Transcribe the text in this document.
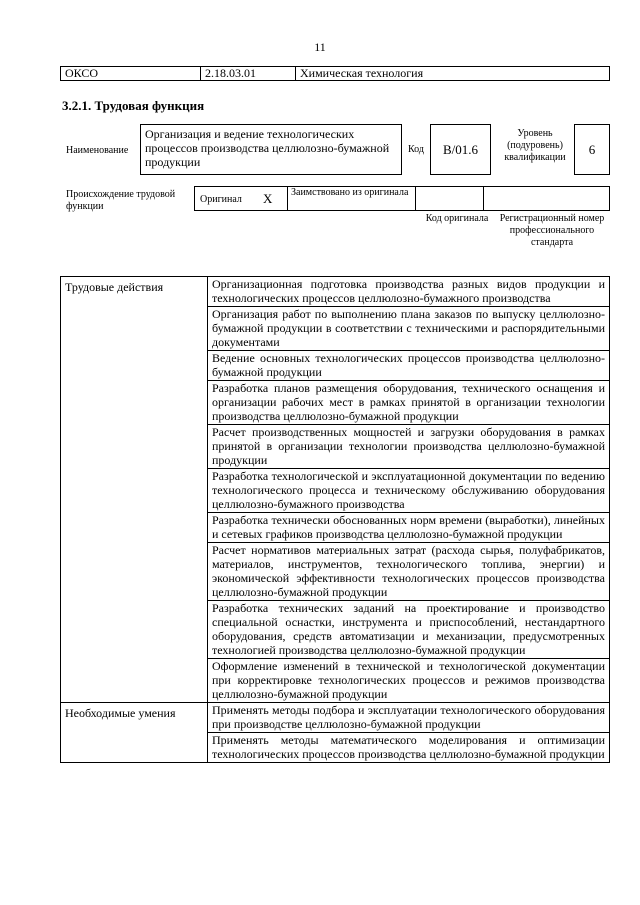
11
ОКСО	2.18.03.01	Химическая технология
3.2.1. Трудовая функция
Наименование
Организация и ведение технологических процессов производства целлюлозно-бумажной продукции
Код	B/01.6
Уровень (подуровень) квалификации
6
Происхождение трудовой функции
Оригинал X	Заимствовано из оригинала
Код оригинала	Регистрационный номер профессионального стандарта
Трудовые действия	Организационная подготовка производства разных видов продукции и технологических процессов целлюлозно-бумажного производства
	Организация работ по выполнению плана заказов по выпуску целлюлозно-бумажной продукции в соответствии с техническими и распорядительными документами
	Ведение основных технологических процессов производства целлюлозно-бумажной продукции
	Разработка планов размещения оборудования, технического оснащения и организации рабочих мест в рамках принятой в организации технологии производства целлюлозно-бумажной продукции
	Расчет производственных мощностей и загрузки оборудования в рамках принятой в организации технологии производства целлюлозно-бумажной продукции
	Разработка технологической и эксплуатационной документации по ведению технологического процесса и техническому обслуживанию оборудования целлюлозно-бумажного производства
	Разработка технически обоснованных норм времени (выработки), линейных и сетевых графиков производства целлюлозно-бумажной продукции
	Расчет нормативов материальных затрат (расхода сырья, полуфабрикатов, материалов, инструментов, технологического топлива, энергии) и экономической эффективности технологических процессов производства целлюлозно-бумажной продукции
	Разработка технических заданий на проектирование и производство специальной оснастки, инструмента и приспособлений, нестандартного оборудования, средств автоматизации и механизации, предусмотренных технологией производства целлюлозно-бумажной продукции
	Оформление изменений в технической и технологической документации при корректировке технологических процессов и режимов производства целлюлозно-бумажной продукции
Необходимые умения	Применять методы подбора и эксплуатации технологического оборудования при производстве целлюлозно-бумажной продукции
	Применять методы математического моделирования и оптимизации технологических процессов производства целлюлозно-бумажной продукции
